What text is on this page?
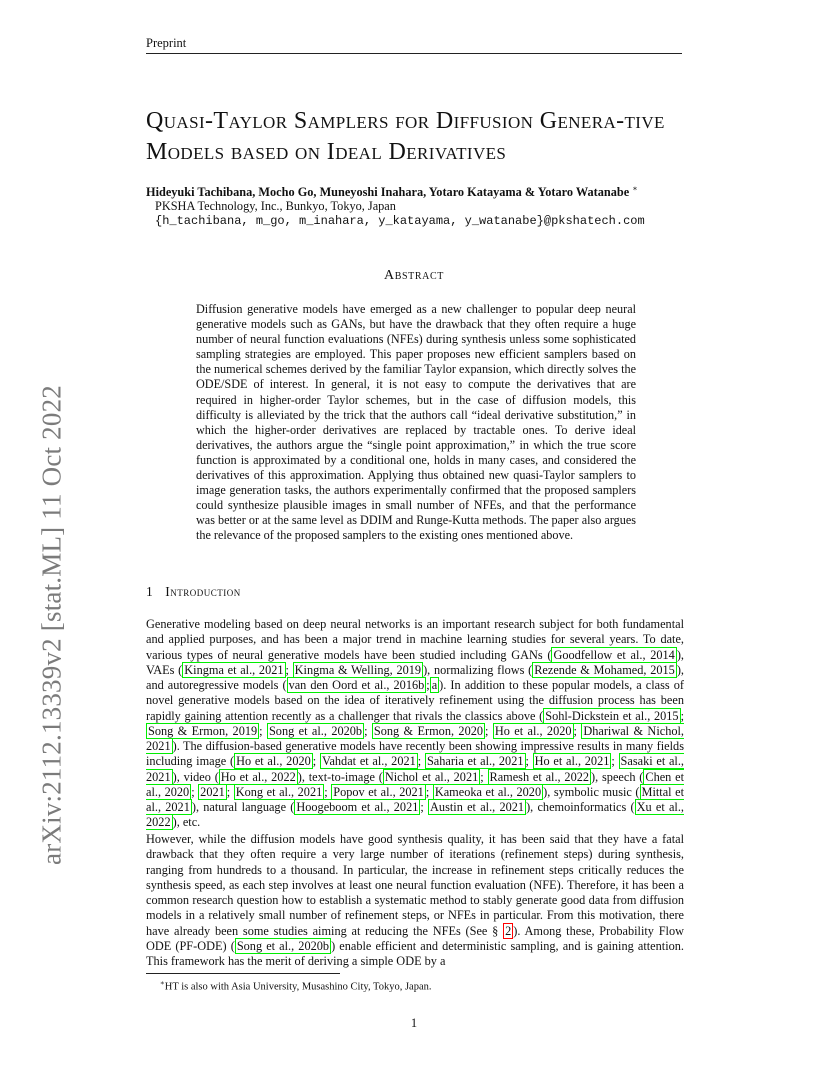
Preprint
arXiv:2112.13339v2 [stat.ML] 11 Oct 2022
Quasi-Taylor Samplers for Diffusion Genera-tive Models based on Ideal Derivatives
Hideyuki Tachibana, Mocho Go, Muneyoshi Inahara, Yotaro Katayama & Yotaro Watanabe ∗
PKSHA Technology, Inc., Bunkyo, Tokyo, Japan
{h_tachibana, m_go, m_inahara, y_katayama, y_watanabe}@pkshatech.com
Abstract
Diffusion generative models have emerged as a new challenger to popular deep neural generative models such as GANs, but have the drawback that they often require a huge number of neural function evaluations (NFEs) during synthesis unless some sophisticated sampling strategies are employed. This paper proposes new efficient samplers based on the numerical schemes derived by the familiar Taylor expansion, which directly solves the ODE/SDE of interest. In general, it is not easy to compute the derivatives that are required in higher-order Taylor schemes, but in the case of diffusion models, this difficulty is alleviated by the trick that the authors call “ideal derivative substitution,” in which the higher-order derivatives are replaced by tractable ones. To derive ideal derivatives, the authors argue the “single point approximation,” in which the true score function is approximated by a conditional one, holds in many cases, and considered the derivatives of this approximation. Applying thus obtained new quasi-Taylor samplers to image generation tasks, the authors experimentally confirmed that the proposed samplers could synthesize plausible images in small number of NFEs, and that the performance was better or at the same level as DDIM and Runge-Kutta methods. The paper also argues the relevance of the proposed samplers to the existing ones mentioned above.
1 Introduction
Generative modeling based on deep neural networks is an important research subject for both fundamental and applied purposes, and has been a major trend in machine learning studies for several years. To date, various types of neural generative models have been studied including GANs ( Goodfellow et al., 2014 ), VAEs ( Kingma et al., 2021 ; Kingma & Welling, 2019 ), normalizing flows ( Rezende & Mohamed, 2015 ), and autoregressive models ( van den Oord et al., 2016b ; a ). In addition to these popular models, a class of novel generative models based on the idea of iteratively refinement using the diffusion process has been rapidly gaining attention recently as a challenger that rivals the classics above ( Sohl-Dickstein et al., 2015 ; Song & Ermon, 2019 ; Song et al., 2020b ; Song & Ermon, 2020 ; Ho et al., 2020 ; Dhariwal & Nichol, 2021 ). The diffusion-based generative models have recently been showing impressive results in many fields including image ( Ho et al., 2020 ; Vahdat et al., 2021 ; Saharia et al., 2021 ; Ho et al., 2021 ; Sasaki et al., 2021 ), video ( Ho et al., 2022 ), text-to-image ( Nichol et al., 2021 ; Ramesh et al., 2022 ), speech ( Chen et al., 2020 ; 2021 ; Kong et al., 2021 ; Popov et al., 2021 ; Kameoka et al., 2020 ), symbolic music ( Mittal et al., 2021 ), natural language ( Hoogeboom et al., 2021 ; Austin et al., 2021 ), chemoinformatics ( Xu et al., 2022 ), etc.
However, while the diffusion models have good synthesis quality, it has been said that they have a fatal drawback that they often require a very large number of iterations (refinement steps) during synthesis, ranging from hundreds to a thousand. In particular, the increase in refinement steps critically reduces the synthesis speed, as each step involves at least one neural function evaluation (NFE). Therefore, it has been a common research question how to establish a systematic method to stably generate good data from diffusion models in a relatively small number of refinement steps, or NFEs in particular. From this motivation, there have already been some studies aiming at reducing the NFEs (See § 2 ). Among these, Probability Flow ODE (PF-ODE) ( Song et al., 2020b ) enable efficient and deterministic sampling, and is gaining attention. This framework has the merit of deriving a simple ODE by a
∗HT is also with Asia University, Musashino City, Tokyo, Japan.
1
